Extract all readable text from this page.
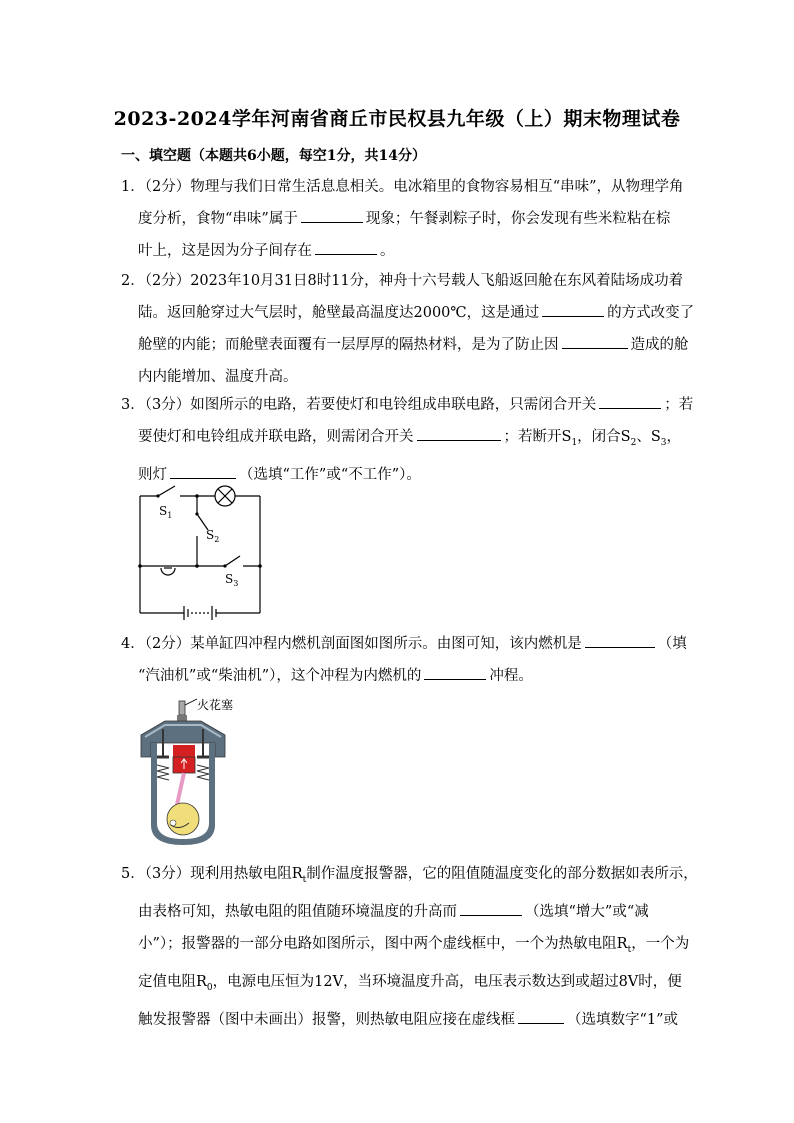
2023-2024学年河南省商丘市民权县九年级（上）期末物理试卷
一、填空题（本题共6小题，每空1分，共14分）
1．（2分）物理与我们日常生活息息相关。电冰箱里的食物容易相互“串味”，从物理学角
度分析，食物“串味”属于	现象；午餐剥粽子时，你会发现有些米粒粘在棕
叶上，这是因为分子间存在	。
2．（2分）2023年10月31日8时11分，神舟十六号载人飞船返回舱在东风着陆场成功着
陆。返回舱穿过大气层时，舱壁最高温度达2000℃，这是通过	的方式改变了
舱壁的内能；而舱壁表面覆有一层厚厚的隔热材料，是为了防止因	造成的舱
内内能增加、温度升高。
3．（3分）如图所示的电路，若要使灯和电铃组成串联电路，只需闭合开关	；若
要使灯和电铃组成并联电路，则需闭合开关	；若断开$S_1$，闭合$S_2$、$S_3$，
则灯	（选填“工作”或“不工作”）。
$S_1$
$S_2$
$S_3$
4．（2分）某单缸四冲程内燃机剖面图如图所示。由图可知，该内燃机是	（填
“汽油机”或“柴油机”），这个冲程为内燃机的	冲程。
火花塞
5．（3分）现利用热敏电阻$R_t$制作温度报警器，它的阻值随温度变化的部分数据如表所示，
由表格可知，热敏电阻的阻值随环境温度的升高而	（选填“增大”或“减
小”）；报警器的一部分电路如图所示，图中两个虚线框中，一个为热敏电阻$R_t$，一个为
定值电阻$R_0$，电源电压恒为12V，当环境温度升高，电压表示数达到或超过8V时，便
触发报警器（图中未画出）报警，则热敏电阻应接在虚线框	（选填数字“1”或
